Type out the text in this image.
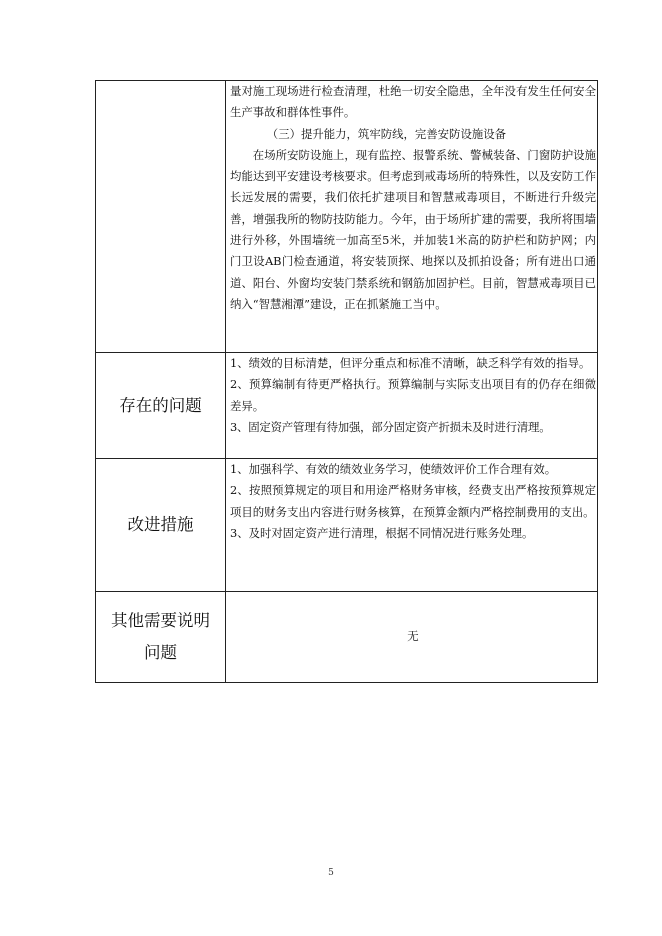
	量对施工现场进行检查清理，杜绝一切安全隐患，全年没有发生任何安全生产事故和群体性事件。

（三）提升能力，筑牢防线，完善安防设施设备

在场所安防设施上，现有监控、报警系统、警械装备、门窗防护设施均能达到平安建设考核要求。但考虑到戒毒场所的特殊性，以及安防工作长远发展的需要，我们依托扩建项目和智慧戒毒项目，不断进行升级完善，增强我所的物防技防能力。今年，由于场所扩建的需要，我所将围墙进行外移，外围墙统一加高至5米，并加装1米高的防护栏和防护网；内门卫设AB门检查通道，将安装顶探、地探以及抓拍设备；所有进出口通道、阳台、外窗均安装门禁系统和钢筋加固护栏。目前，智慧戒毒项目已纳入“智慧湘潭”建设，正在抓紧施工当中。

存在的问题	1、绩效的目标清楚，但评分重点和标准不清晰，缺乏科学有效的指导。

2、预算编制有待更严格执行。预算编制与实际支出项目有的仍存在细微差异。

3、固定资产管理有待加强，部分固定资产折损未及时进行清理。

改进措施	1、加强科学、有效的绩效业务学习，使绩效评价工作合理有效。

2、按照预算规定的项目和用途严格财务审核，经费支出严格按预算规定项目的财务支出内容进行财务核算，在预算金额内严格控制费用的支出。

3、及时对固定资产进行清理，根据不同情况进行账务处理。

其他需要说明
问题	无
5
